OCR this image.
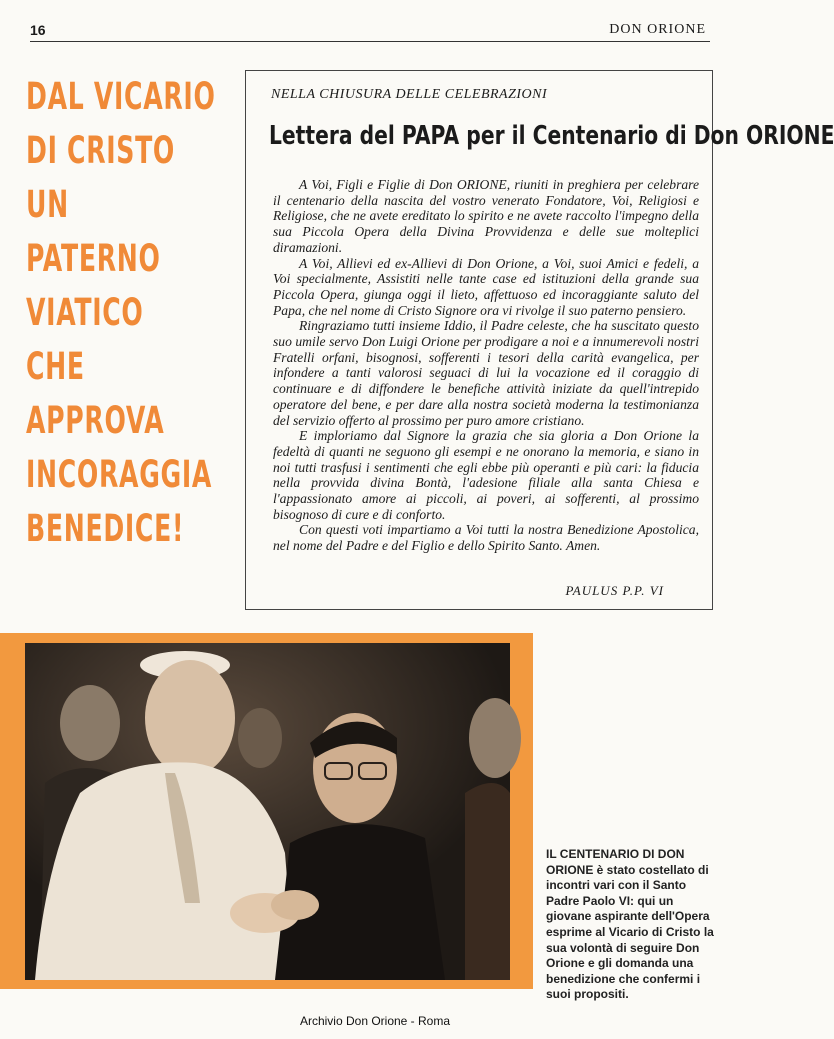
16	DON ORIONE
DAL VICARIO
DI CRISTO
UN
PATERNO
VIATICO
CHE
APPROVA
INCORAGGIA
BENEDICE!
NELLA CHIUSURA DELLE CELEBRAZIONI
Lettera del PAPA per il Centenario di Don ORIONE

A Voi, Figli e Figlie di Don ORIONE, riuniti in preghiera per celebrare il centenario della nascita del vostro venerato Fondatore, Voi, Religiosi e Religiose, che ne avete ereditato lo spirito e ne avete raccolto l'impegno della sua Piccola Opera della Divina Provvidenza e delle sue molteplici diramazioni.

A Voi, Allievi ed ex-Allievi di Don Orione, a Voi, suoi Amici e fedeli, a Voi specialmente, Assistiti nelle tante case ed istituzioni della grande sua Piccola Opera, giunga oggi il lieto, affettuoso ed incoraggiante saluto del Papa, che nel nome di Cristo Signore ora vi rivolge il suo paterno pensiero.

Ringraziamo tutti insieme Iddio, il Padre celeste, che ha suscitato questo suo umile servo Don Luigi Orione per prodigare a noi e a innumerevoli nostri Fratelli orfani, bisognosi, sofferenti i tesori della carità evangelica, per infondere a tanti valorosi seguaci di lui la vocazione ed il coraggio di continuare e di diffondere le benefiche attività iniziate da quell'intrepido operatore del bene, e per dare alla nostra società moderna la testimonianza del servizio offerto al prossimo per puro amore cristiano.

E imploriamo dal Signore la grazia che sia gloria a Don Orione la fedeltà di quanti ne seguono gli esempi e ne onorano la memoria, e siano in noi tutti trasfusi i sentimenti che egli ebbe più operanti e più cari: la fiducia nella provvida divina Bontà, l'adesione filiale alla santa Chiesa e l'appassionato amore ai piccoli, ai poveri, ai sofferenti, al prossimo bisognoso di cure e di conforto.

Con questi voti impartiamo a Voi tutti la nostra Benedizione Apostolica, nel nome del Padre e del Figlio e dello Spirito Santo. Amen.

PAULUS P.P. VI
IL CENTENARIO DI DON ORIONE è stato costellato di incontri vari con il Santo Padre Paolo VI: qui un giovane aspirante dell'Opera esprime al Vicario di Cristo la sua volontà di seguire Don Orione e gli domanda una benedizione che confermi i suoi propositi.
Archivio Don Orione - Roma
